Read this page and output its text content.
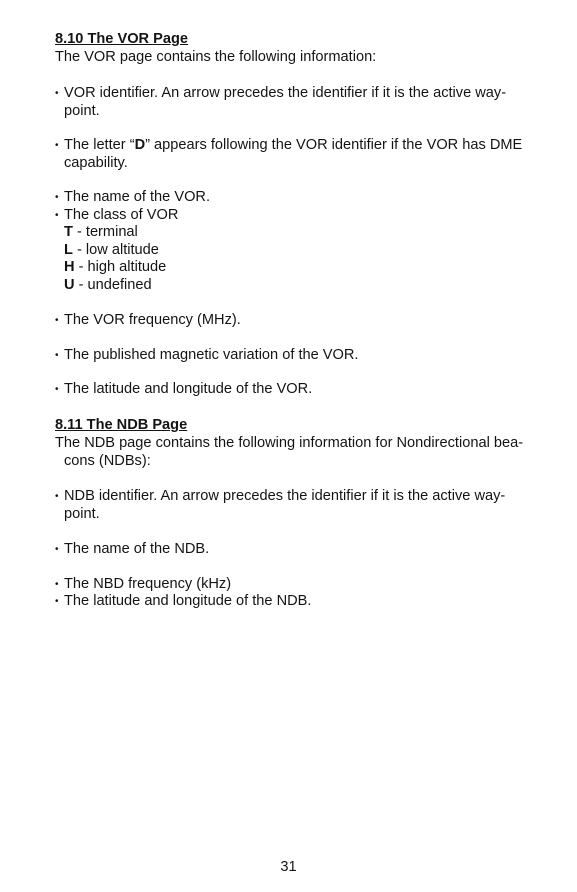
8.10 The VOR Page
The VOR page contains the following information:
• VOR identifier. An arrow precedes the identifier if it is the active way-
point.
• The letter “D” appears following the VOR identifier if the VOR has DME
capability.
• The name of the VOR.
• The class of VOR
T - terminal
L - low altitude
H - high altitude
U - undefined
• The VOR frequency (MHz).
• The published magnetic variation of the VOR.
• The latitude and longitude of the VOR.
8.11 The NDB Page
The NDB page contains the following information for Nondirectional bea-
cons (NDBs):
• NDB identifier. An arrow precedes the identifier if it is the active way-
point.
• The name of the NDB.
• The NBD frequency (kHz)
• The latitude and longitude of the NDB.
31
